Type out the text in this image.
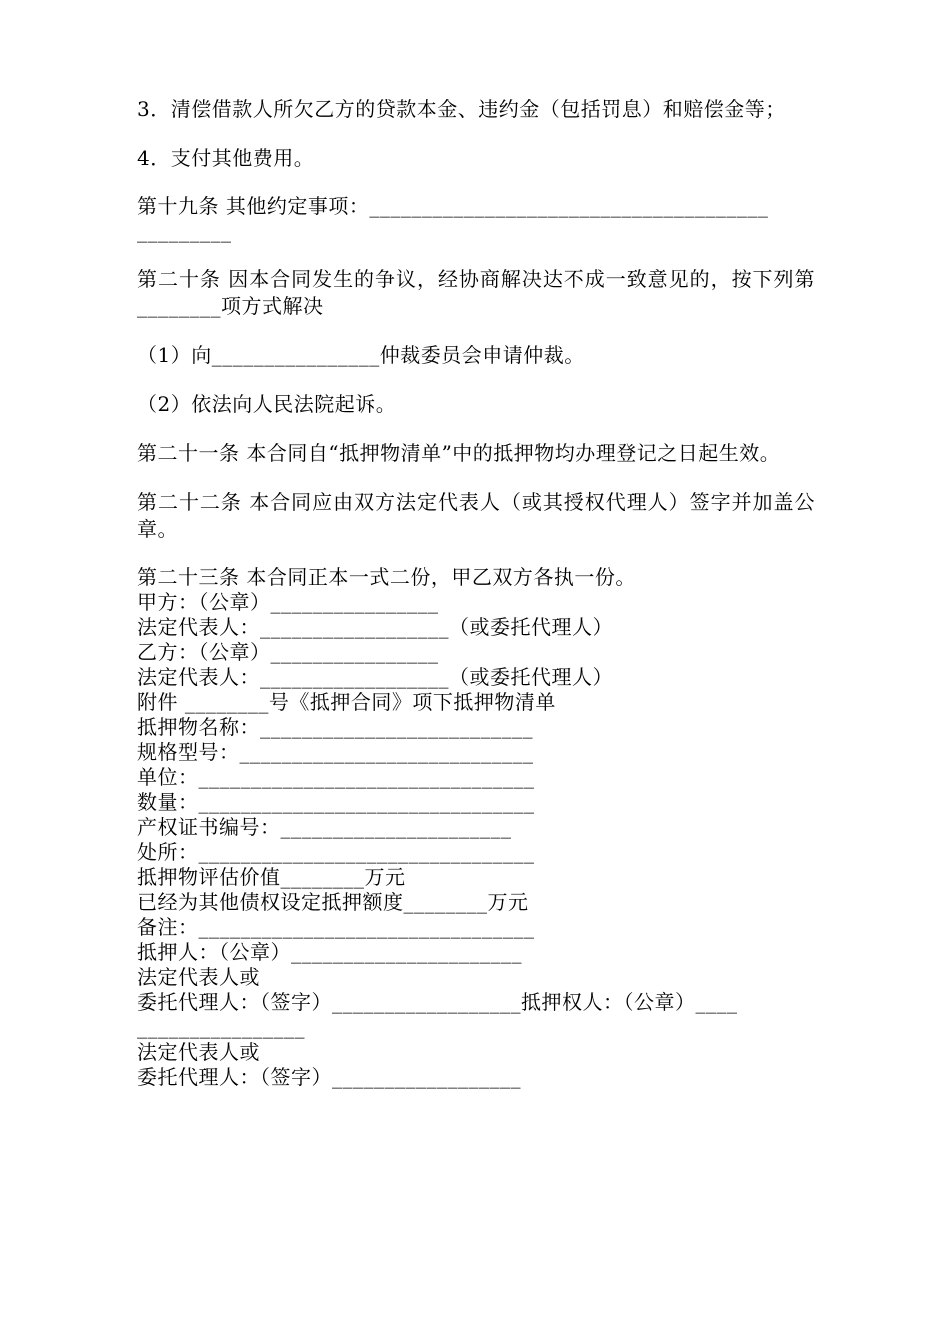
3．清偿借款人所欠乙方的贷款本金、违约金（包括罚息）和赔偿金等；

4．支付其他费用。

第十九条 其他约定事项：______________________________________
_________

第二十条 因本合同发生的争议，经协商解决达不成一致意见的，按下列第________项方式解决

（1）向________________仲裁委员会申请仲裁。

（2）依法向人民法院起诉。

第二十一条 本合同自“抵押物清单”中的抵押物均办理登记之日起生效。

第二十二条 本合同应由双方法定代表人（或其授权代理人）签字并加盖公章。

第二十三条 本合同正本一式二份，甲乙双方各执一份。
甲方：（公章）________________
法定代表人：__________________（或委托代理人）
乙方：（公章）________________
法定代表人：__________________（或委托代理人）
附件 ________号《抵押合同》项下抵押物清单
抵押物名称：__________________________
规格型号：____________________________
单位：________________________________
数量：________________________________
产权证书编号：______________________
处所：________________________________
抵押物评估价值________万元
已经为其他债权设定抵押额度________万元
备注：________________________________
抵押人：（公章）______________________
法定代表人或
委托代理人：（签字）__________________抵押权人：（公章）____
________________
法定代表人或
委托代理人：（签字）__________________
